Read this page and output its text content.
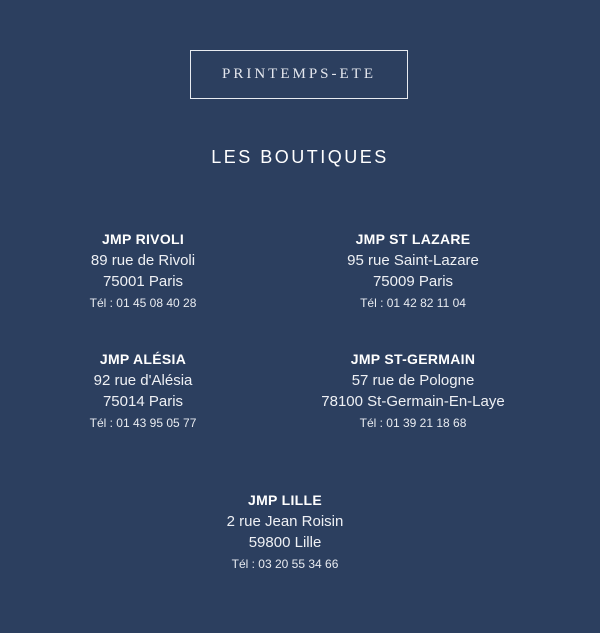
PRINTEMPS-ETE
LES BOUTIQUES
JMP RIVOLI
89 rue de Rivoli
75001 Paris
Tél : 01 45 08 40 28
JMP ST LAZARE
95 rue Saint-Lazare
75009 Paris
Tél : 01 42 82 11 04
JMP ALÉSIA
92 rue d'Alésia
75014 Paris
Tél : 01 43 95 05 77
JMP ST-GERMAIN
57 rue de Pologne
78100 St-Germain-En-Laye
Tél : 01 39 21 18 68
JMP LILLE
2 rue Jean Roisin
59800 Lille
Tél : 03 20 55 34 66
